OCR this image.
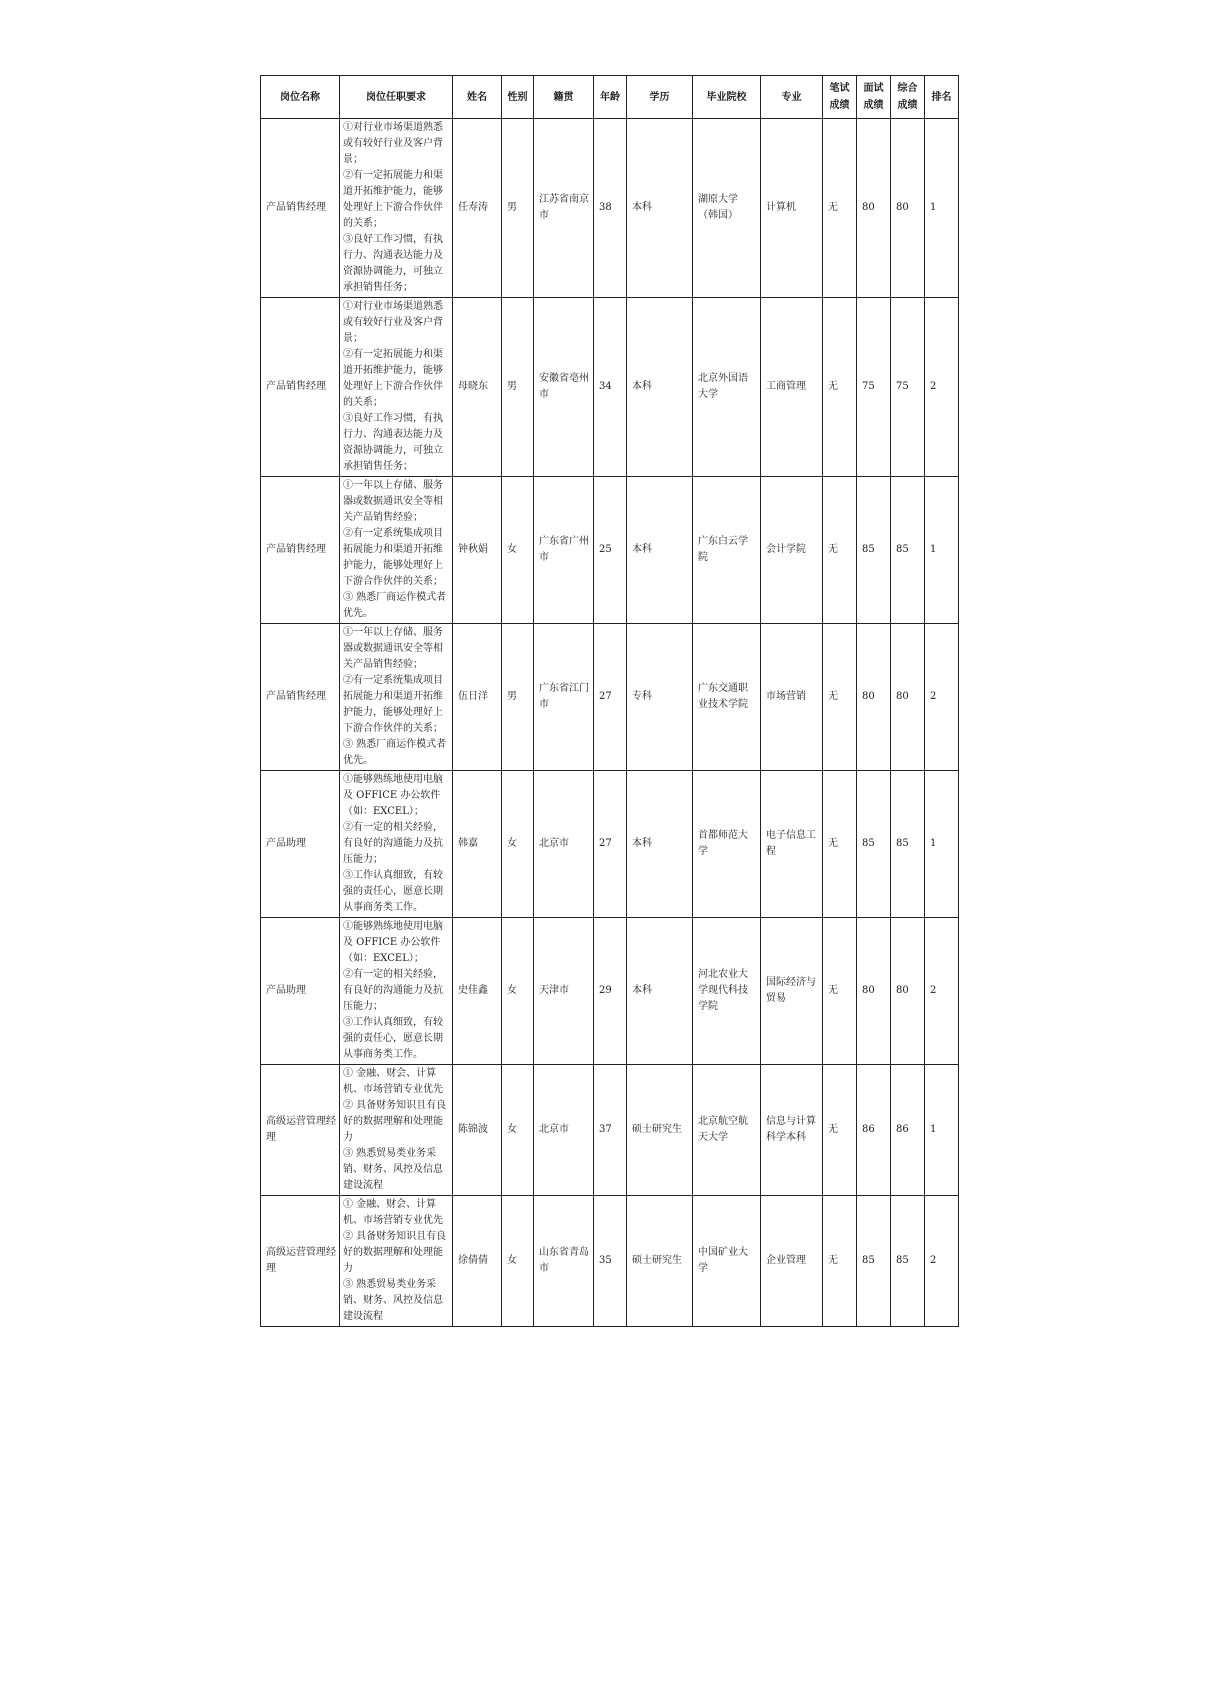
岗位名称	岗位任职要求	姓名	性别	籍贯	年龄	学历	毕业院校	专业	笔试成绩	面试成绩	综合成绩	排名
产品销售经理	①对行业市场渠道熟悉或有较好行业及客户背景；
②有一定拓展能力和渠道开拓维护能力，能够处理好上下游合作伙伴的关系；
③良好工作习惯，有执行力、沟通表达能力及资源协调能力，可独立承担销售任务；	任寿涛	男	江苏省南京市	38	本科	湖原大学（韩国）	计算机	无	80	80	1
产品销售经理	①对行业市场渠道熟悉或有较好行业及客户背景；
②有一定拓展能力和渠道开拓维护能力，能够处理好上下游合作伙伴的关系；
③良好工作习惯，有执行力、沟通表达能力及资源协调能力，可独立承担销售任务；	母晓东	男	安徽省亳州市	34	本科	北京外国语大学	工商管理	无	75	75	2
产品销售经理	①一年以上存储、服务器或数据通讯安全等相关产品销售经验；
②有一定系统集成项目拓展能力和渠道开拓维护能力，能够处理好上下游合作伙伴的关系；
③ 熟悉厂商运作模式者优先。	钟秋娟	女	广东省广州市	25	本科	广东白云学院	会计学院	无	85	85	1
产品销售经理	①一年以上存储、服务器或数据通讯安全等相关产品销售经验；
②有一定系统集成项目拓展能力和渠道开拓维护能力，能够处理好上下游合作伙伴的关系；
③ 熟悉厂商运作模式者优先。	伍日洋	男	广东省江门市	27	专科	广东交通职业技术学院	市场营销	无	80	80	2
产品助理	①能够熟练地使用电脑及 OFFICE 办公软件（如：EXCEL）；
②有一定的相关经验，有良好的沟通能力及抗压能力；
③工作认真细致，有较强的责任心，愿意长期从事商务类工作。	韩嘉	女	北京市	27	本科	首都师范大学	电子信息工程	无	85	85	1
产品助理	①能够熟练地使用电脑及 OFFICE 办公软件（如：EXCEL）；
②有一定的相关经验，有良好的沟通能力及抗压能力；
③工作认真细致，有较强的责任心，愿意长期从事商务类工作。	史佳鑫	女	天津市	29	本科	河北农业大学现代科技学院	国际经济与贸易	无	80	80	2
高级运营管理经理	① 金融、财会、计算机、市场营销专业优先
② 具备财务知识且有良好的数据理解和处理能力
③ 熟悉贸易类业务采销、财务、风控及信息建设流程	陈锦波	女	北京市	37	硕士研究生	北京航空航天大学	信息与计算科学本科	无	86	86	1
高级运营管理经理	① 金融、财会、计算机、市场营销专业优先
② 具备财务知识且有良好的数据理解和处理能力
③ 熟悉贸易类业务采销、财务、风控及信息建设流程	徐倩倩	女	山东省青岛市	35	硕士研究生	中国矿业大学	企业管理	无	85	85	2
